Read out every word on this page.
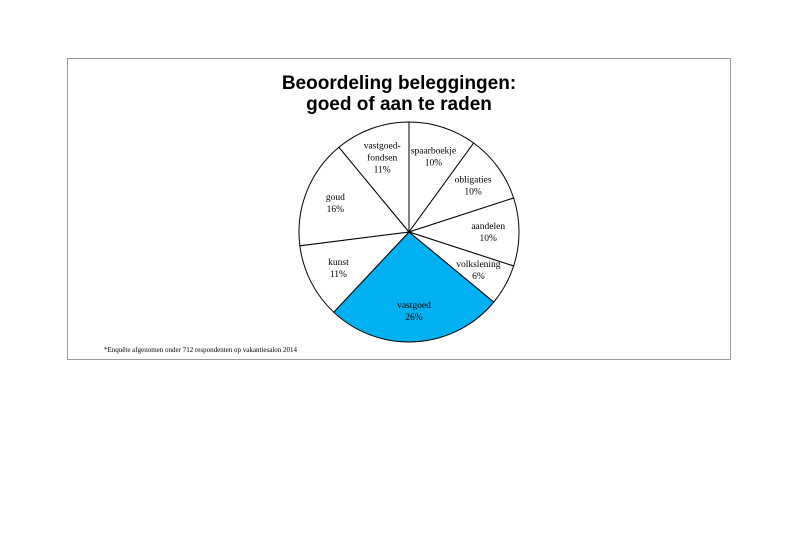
Beoordeling beleggingen:
goed of aan te raden
spaarboekje
10%
obligaties
10%
aandelen
10%
volkslening
6%
vastgoed
26%
kunst
11%
goud
16%
vastgoed-
fondsen
11%
*Enquête afgenomen onder 712 respondenten op vakantiesalon 2014
